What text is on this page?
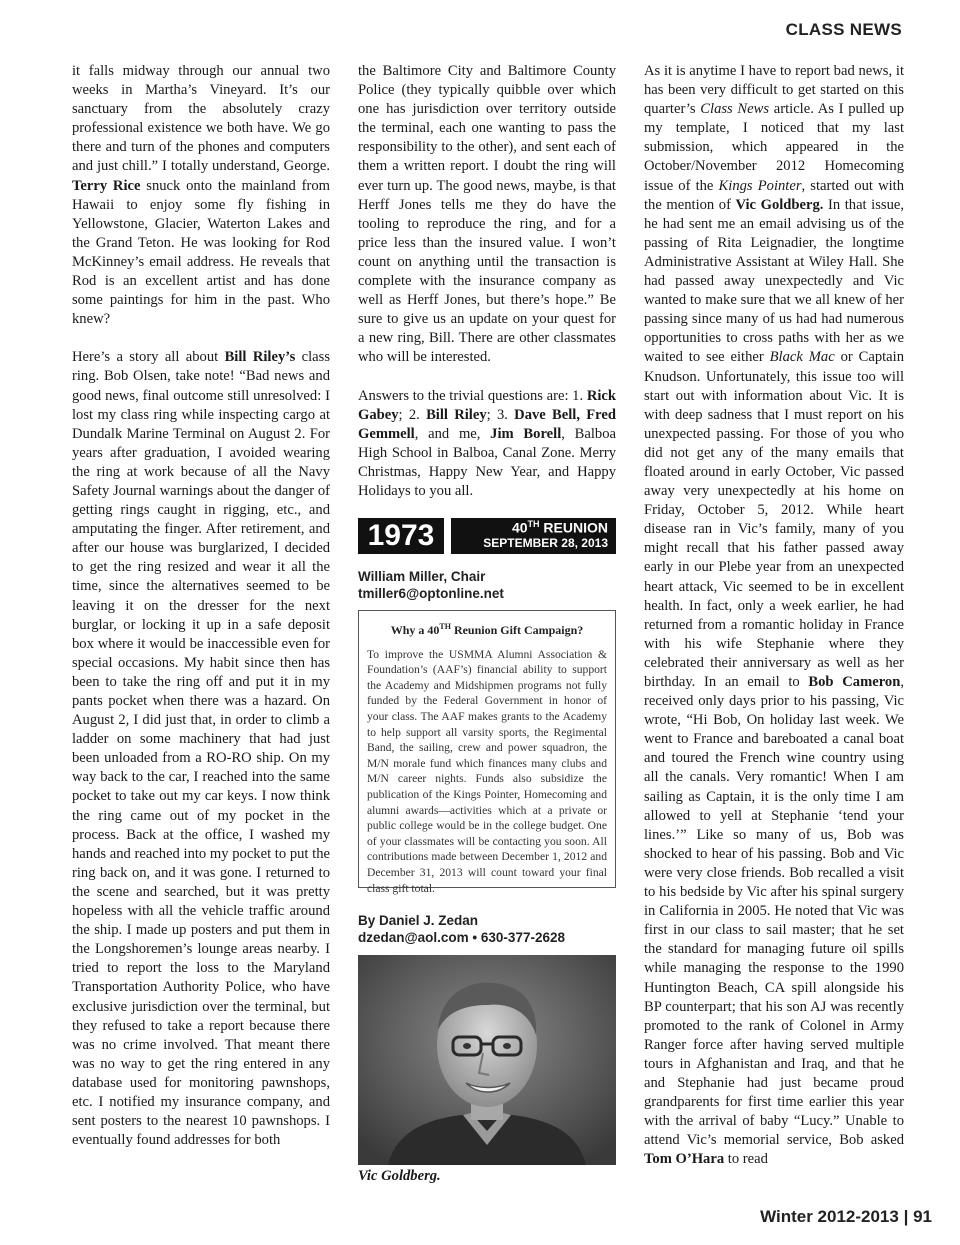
CLASS NEWS

it falls midway through our annual two weeks in Martha’s Vineyard. It’s our sanctuary from the absolutely crazy professional existence we both have. We go there and turn of the phones and computers and just chill.” I totally understand, George. Terry Rice snuck onto the mainland from Hawaii to enjoy some fly fishing in Yellowstone, Glacier, Waterton Lakes and the Grand Teton. He was looking for Rod McKinney’s email address. He reveals that Rod is an excellent artist and has done some paintings for him in the past. Who knew?

Here’s a story all about Bill Riley’s class ring. Bob Olsen, take note! “Bad news and good news, final outcome still unresolved: I lost my class ring while inspecting cargo at Dundalk Marine Terminal on August 2. For years after graduation, I avoided wearing the ring at work because of all the Navy Safety Journal warnings about the danger of getting rings caught in rigging, etc., and amputating the finger. After retirement, and after our house was burglarized, I decided to get the ring resized and wear it all the time, since the alternatives seemed to be leaving it on the dresser for the next burglar, or locking it up in a safe deposit box where it would be inaccessible even for special occasions. My habit since then has been to take the ring off and put it in my pants pocket when there was a hazard. On August 2, I did just that, in order to climb a ladder on some machinery that had just been unloaded from a RO-RO ship. On my way back to the car, I reached into the same pocket to take out my car keys. I now think the ring came out of my pocket in the process. Back at the office, I washed my hands and reached into my pocket to put the ring back on, and it was gone. I returned to the scene and searched, but it was pretty hopeless with all the vehicle traffic around the ship. I made up posters and put them in the Longshoremen’s lounge areas nearby. I tried to report the loss to the Maryland Transportation Authority Police, who have exclusive jurisdiction over the terminal, but they refused to take a report because there was no crime involved. That meant there was no way to get the ring entered in any database used for monitoring pawnshops, etc. I notified my insurance company, and sent posters to the nearest 10 pawnshops. I eventually found addresses for both

the Baltimore City and Baltimore County Police (they typically quibble over which one has jurisdiction over territory outside the terminal, each one wanting to pass the responsibility to the other), and sent each of them a written report. I doubt the ring will ever turn up. The good news, maybe, is that Herff Jones tells me they do have the tooling to reproduce the ring, and for a price less than the insured value. I won’t count on anything until the transaction is complete with the insurance company as well as Herff Jones, but there’s hope.” Be sure to give us an update on your quest for a new ring, Bill. There are other classmates who will be interested.

Answers to the trivial questions are: 1. Rick Gabey; 2. Bill Riley; 3. Dave Bell, Fred Gemmell, and me, Jim Borell, Balboa High School in Balboa, Canal Zone. Merry Christmas, Happy New Year, and Happy Holidays to you all.

1973	40TH REUNION
SEPTEMBER 28, 2013
William Miller, Chair
tmiller6@optonline.net
Why a 40TH Reunion Gift Campaign?
To improve the USMMA Alumni Association & Foundation’s (AAF’s) financial ability to support the Academy and Midshipmen programs not fully funded by the Federal Government in honor of your class. The AAF makes grants to the Academy to help support all varsity sports, the Regimental Band, the sailing, crew and power squadron, the M/N morale fund which finances many clubs and M/N career nights. Funds also subsidize the publication of the Kings Pointer, Homecoming and alumni awards—activities which at a private or public college would be in the college budget. One of your classmates will be contacting you soon. All contributions made between December 1, 2012 and December 31, 2013 will count toward your final class gift total.
By Daniel J. Zedan
dzedan@aol.com • 630-377-2628
Vic Goldberg.

As it is anytime I have to report bad news, it has been very difficult to get started on this quarter’s Class News article. As I pulled up my template, I noticed that my last submission, which appeared in the October/November 2012 Homecoming issue of the Kings Pointer, started out with the mention of Vic Goldberg. In that issue, he had sent me an email advising us of the passing of Rita Leignadier, the longtime Administrative Assistant at Wiley Hall. She had passed away unexpectedly and Vic wanted to make sure that we all knew of her passing since many of us had had numerous opportunities to cross paths with her as we waited to see either Black Mac or Captain Knudson. Unfortunately, this issue too will start out with information about Vic. It is with deep sadness that I must report on his unexpected passing. For those of you who did not get any of the many emails that floated around in early October, Vic passed away very unexpectedly at his home on Friday, October 5, 2012. While heart disease ran in Vic’s family, many of you might recall that his father passed away early in our Plebe year from an unexpected heart attack, Vic seemed to be in excellent health. In fact, only a week earlier, he had returned from a romantic holiday in France with his wife Stephanie where they celebrated their anniversary as well as her birthday. In an email to Bob Cameron, received only days prior to his passing, Vic wrote, “Hi Bob, On holiday last week. We went to France and bareboated a canal boat and toured the French wine country using all the canals. Very romantic! When I am sailing as Captain, it is the only time I am allowed to yell at Stephanie ‘tend your lines.’” Like so many of us, Bob was shocked to hear of his passing. Bob and Vic were very close friends. Bob recalled a visit to his bedside by Vic after his spinal surgery in California in 2005. He noted that Vic was first in our class to sail master; that he set the standard for managing future oil spills while managing the response to the 1990 Huntington Beach, CA spill alongside his BP counterpart; that his son AJ was recently promoted to the rank of Colonel in Army Ranger force after having served multiple tours in Afghanistan and Iraq, and that he and Stephanie had just became proud grandparents for first time earlier this year with the arrival of baby “Lucy.” Unable to attend Vic’s memorial service, Bob asked Tom O’Hara to read

Winter 2012-2013 | 91
